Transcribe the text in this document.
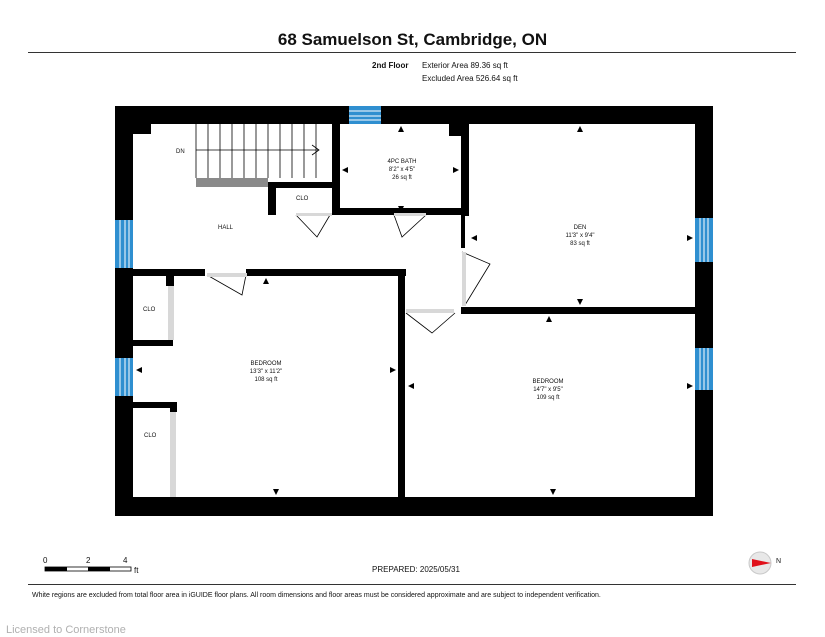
68 Samuelson St, Cambridge, ON
2nd Floor Exterior Area 89.36 sq ft
Excluded Area 526.64 sq ft
DN
4PC BATH
8'2" x 4'5"
26 sq ft
CLO
HALL	DEN
11'3" x 9'4"
83 sq ft
CLO
BEDROOM
13'3" x 11'2"
108 sq ft
CLO
BEDROOM
14'7" x 9'5"
109 sq ft
0	2	4
ft
N
PREPARED: 2025/05/31
White regions are excluded from total floor area in iGUIDE floor plans. All room dimensions and floor areas must be considered approximate and are subject to independent verification.
Licensed to Cornerstone
